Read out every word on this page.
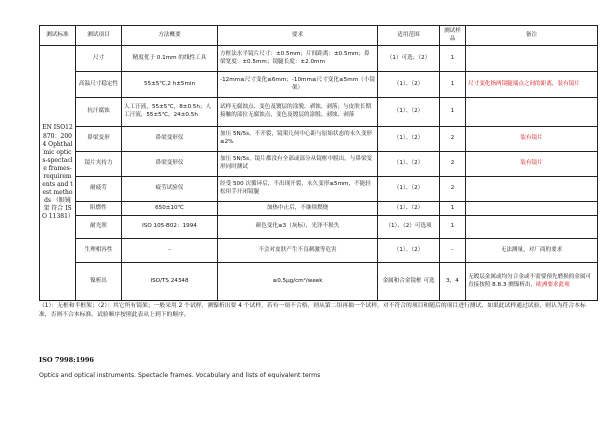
测试标准	测试项目	方法概要	要求	适用范围	测试样品	备注
EN ISO12870：2004 Ophthalmic optics-spectacle frames-requirements and test methods （眼镜架 符合 ISO 11381）	尺寸	精度优于 0.1mm 的线性工具	方框法水平镜片尺寸：±0.5mm；片间距离：±0.5mm；鼻梁宽度：±0.5mm；镜腿长度：±2.0mm	（1）可选；（2）	1	
	高温尺寸稳定性	55±5℃,2 h±5min	-12mm≤尺寸变化≤6mm；-10mm≤尺寸变化≤5mm（小镜架）	（1）、（2）	1	尺寸变化指两镜腿端点之间的距离，装有镜片
	抗汗腐蚀	人工汗液，55±5℃，8±0.5h；人工汗液，55±5℃，24±0.5h	试样无腐蚀点、变色及镀层的涂脱、剥蚀、剥落；与皮肤长期接触的部位无腐蚀点、变色及镀层的涂脱、剥蚀、剥落	（1）、（2）	1	
	鼻梁变形	鼻梁变形仪	加压 5N/5s，不开裂，镜架几何中心距与原始状态的永久变形≤2%	（1）、（2）	2	装有镜片
	镜片夹持力	鼻梁变形仪	加压 5N/5s，镜片都没有全部或部分从镜框中脱出，与鼻梁变形同时测试	（1）、（2）	2	装有镜片
	耐疲劳	疲劳试验仪	经受 500 次循环后，不出现开裂，永久变形≤5mm，不能轻松用手开闭镜腿	（1）、（2）	2	
	阻燃性	650±10℃	加热中止后，不继续燃烧	（1）、（2）	1	
	耐光照	ISO 105-B02：1994	颜色变化≤3（灰标），光泽不损失	（1）、（2）可选项	1	
	生理相容性	–	不会对皮肤产生不良刺激等危害	（1）、（2）	–	无法测量，对厂商的要求
	镍析出	ISO/TS 24348	≤0.5μg/cm²/week	金属和合金镜框 可选	3，4	无镀层金属或均匀合金或不需要预先磨损的金属可直接按照 8.8.3 测镍析出，欧洲要求此项
（1）：无框和半框架；（2）：其它所有镜架；一般采用 2 个试样，测镍析出要 4 个试样，若有一项不合格，则从第二组再抽一个试样，对不符合的项目和随后的项目进行测试，如果此试样通过试验，则认为符合本标准，否则不合本标准。试验顺序按照此表从上到下的顺序。
ISO 7998:1996
Optics and optical instruments. Spectacle frames. Vocabulary and lists of equivalent terms
